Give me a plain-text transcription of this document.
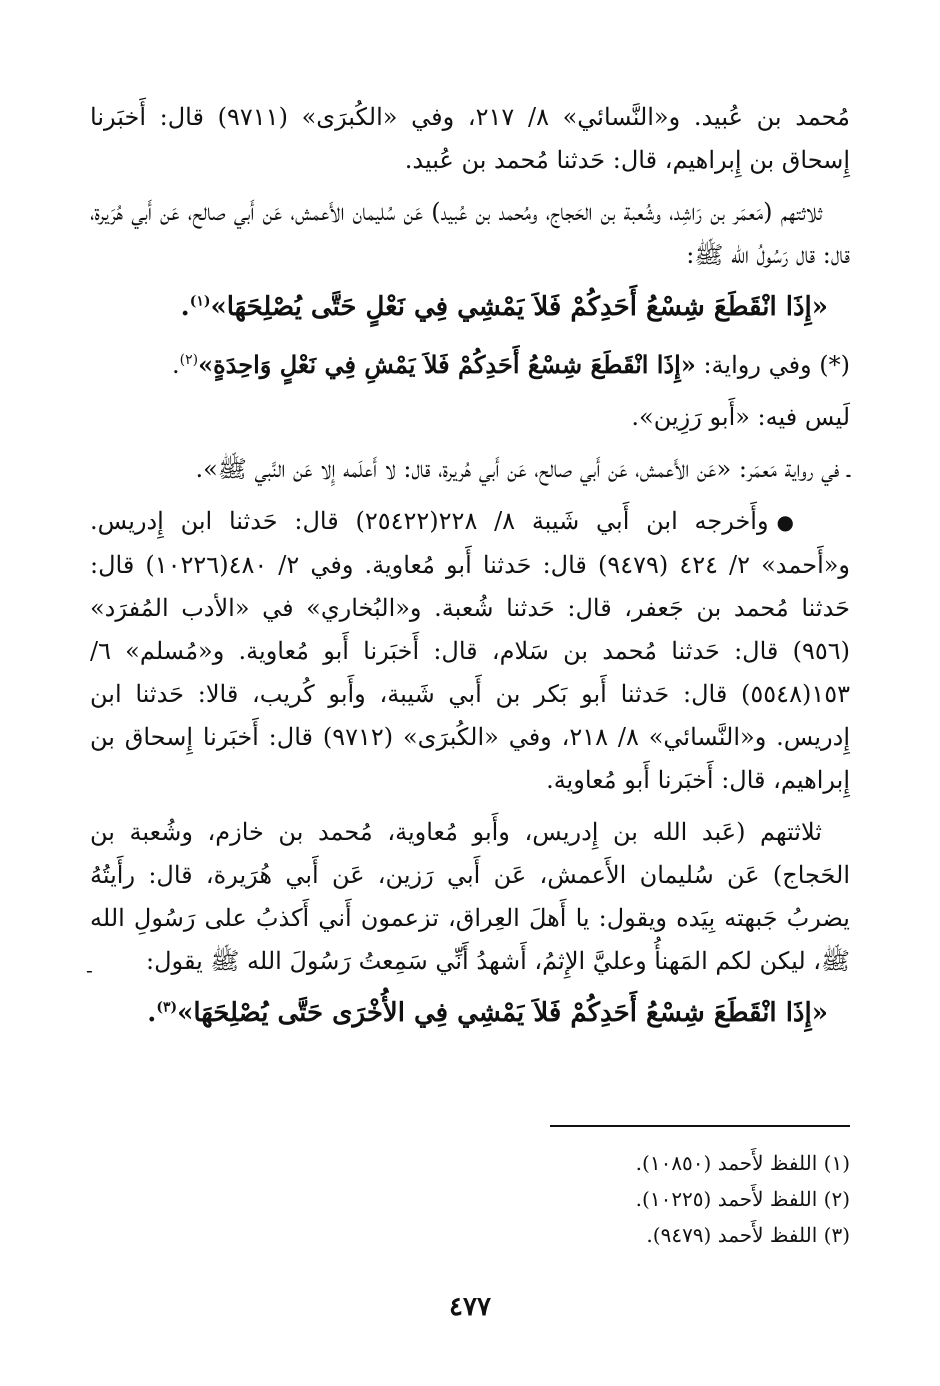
مُحمد بن عُبيد. و«النَّسائي» ٨/ ٢١٧، وفي «الكُبرَى» (٩٧١١) قال: أَخبَرنا إِسحاق بن إِبراهيم، قال: حَدثنا مُحمد بن عُبيد.

ثلاثتهم (مَعمَر بن رَاشِد، وشُعبة بن الحَجاج، ومُحمد بن عُبيد) عَن سُليمان الأَعمش، عَن أَبي صالح، عَن أَبي هُرَيرة، قال: قال رَسُولُ الله ﷺ:

«إِذَا انْقَطَعَ شِسْعُ أَحَدِكُمْ فَلاَ يَمْشِي فِي نَعْلٍ حَتَّى يُصْلِحَهَا»$^{(١)}$.

(*) وفي رواية: «إِذَا انْقَطَعَ شِسْعُ أَحَدِكُمْ فَلاَ يَمْشِ فِي نَعْلٍ وَاحِدَةٍ»$^{(٢)}$.

لَيس فيه: «أَبو رَزِين».

ـ في رواية مَعمَر: «عَن الأَعمش، عَن أَبي صالح، عَن أَبي هُريرة، قال: لا أَعلَمه إِلا عَن النَّبي ﷺ».

●وأَخرجه ابن أَبي شَيبة ٨/ ٢٢٨(٢٥٤٢٢) قال: حَدثنا ابن إِدريس. و«أَحمد» ٢/ ٤٢٤ (٩٤٧٩) قال: حَدثنا أَبو مُعاوية. وفي ٢/ ٤٨٠(١٠٢٢٦) قال: حَدثنا مُحمد بن جَعفر، قال: حَدثنا شُعبة. و«البُخاري» في «الأدب المُفرَد» (٩٥٦) قال: حَدثنا مُحمد بن سَلام، قال: أَخبَرنا أَبو مُعاوية. و«مُسلم» ٦/ ١٥٣(٥٥٤٨) قال: حَدثنا أَبو بَكر بن أَبي شَيبة، وأَبو كُريب، قالا: حَدثنا ابن إِدريس. و«النَّسائي» ٨/ ٢١٨، وفي «الكُبرَى» (٩٧١٢) قال: أَخبَرنا إِسحاق بن إِبراهيم، قال: أَخبَرنا أَبو مُعاوية.

ثلاثتهم (عَبد الله بن إِدريس، وأَبو مُعاوية، مُحمد بن خازم، وشُعبة بن الحَجاج) عَن سُليمان الأَعمش، عَن أَبي رَزين، عَن أَبي هُرَيرة، قال: رأَيتُهُ يضربُ جَبهته بِيَده ويقول: يا أَهلَ العِراق، تزعمون أَني أَكذبُ على رَسُولِ الله ﷺ، ليكن لكم المَهنأُ وعليَّ الإِثمُ، أَشهدُ أَنِّي سَمِعتُ رَسُولَ الله ﷺ يقول:

«إِذَا انْقَطَعَ شِسْعُ أَحَدِكُمْ فَلاَ يَمْشِي فِي الأُخْرَى حَتَّى يُصْلِحَهَا»$^{(٣)}$.

-

(١) اللفظ لأَحمد (١٠٨٥٠).

(٢) اللفظ لأَحمد (١٠٢٢٥).

(٣) اللفظ لأَحمد (٩٤٧٩).

٤٧٧
